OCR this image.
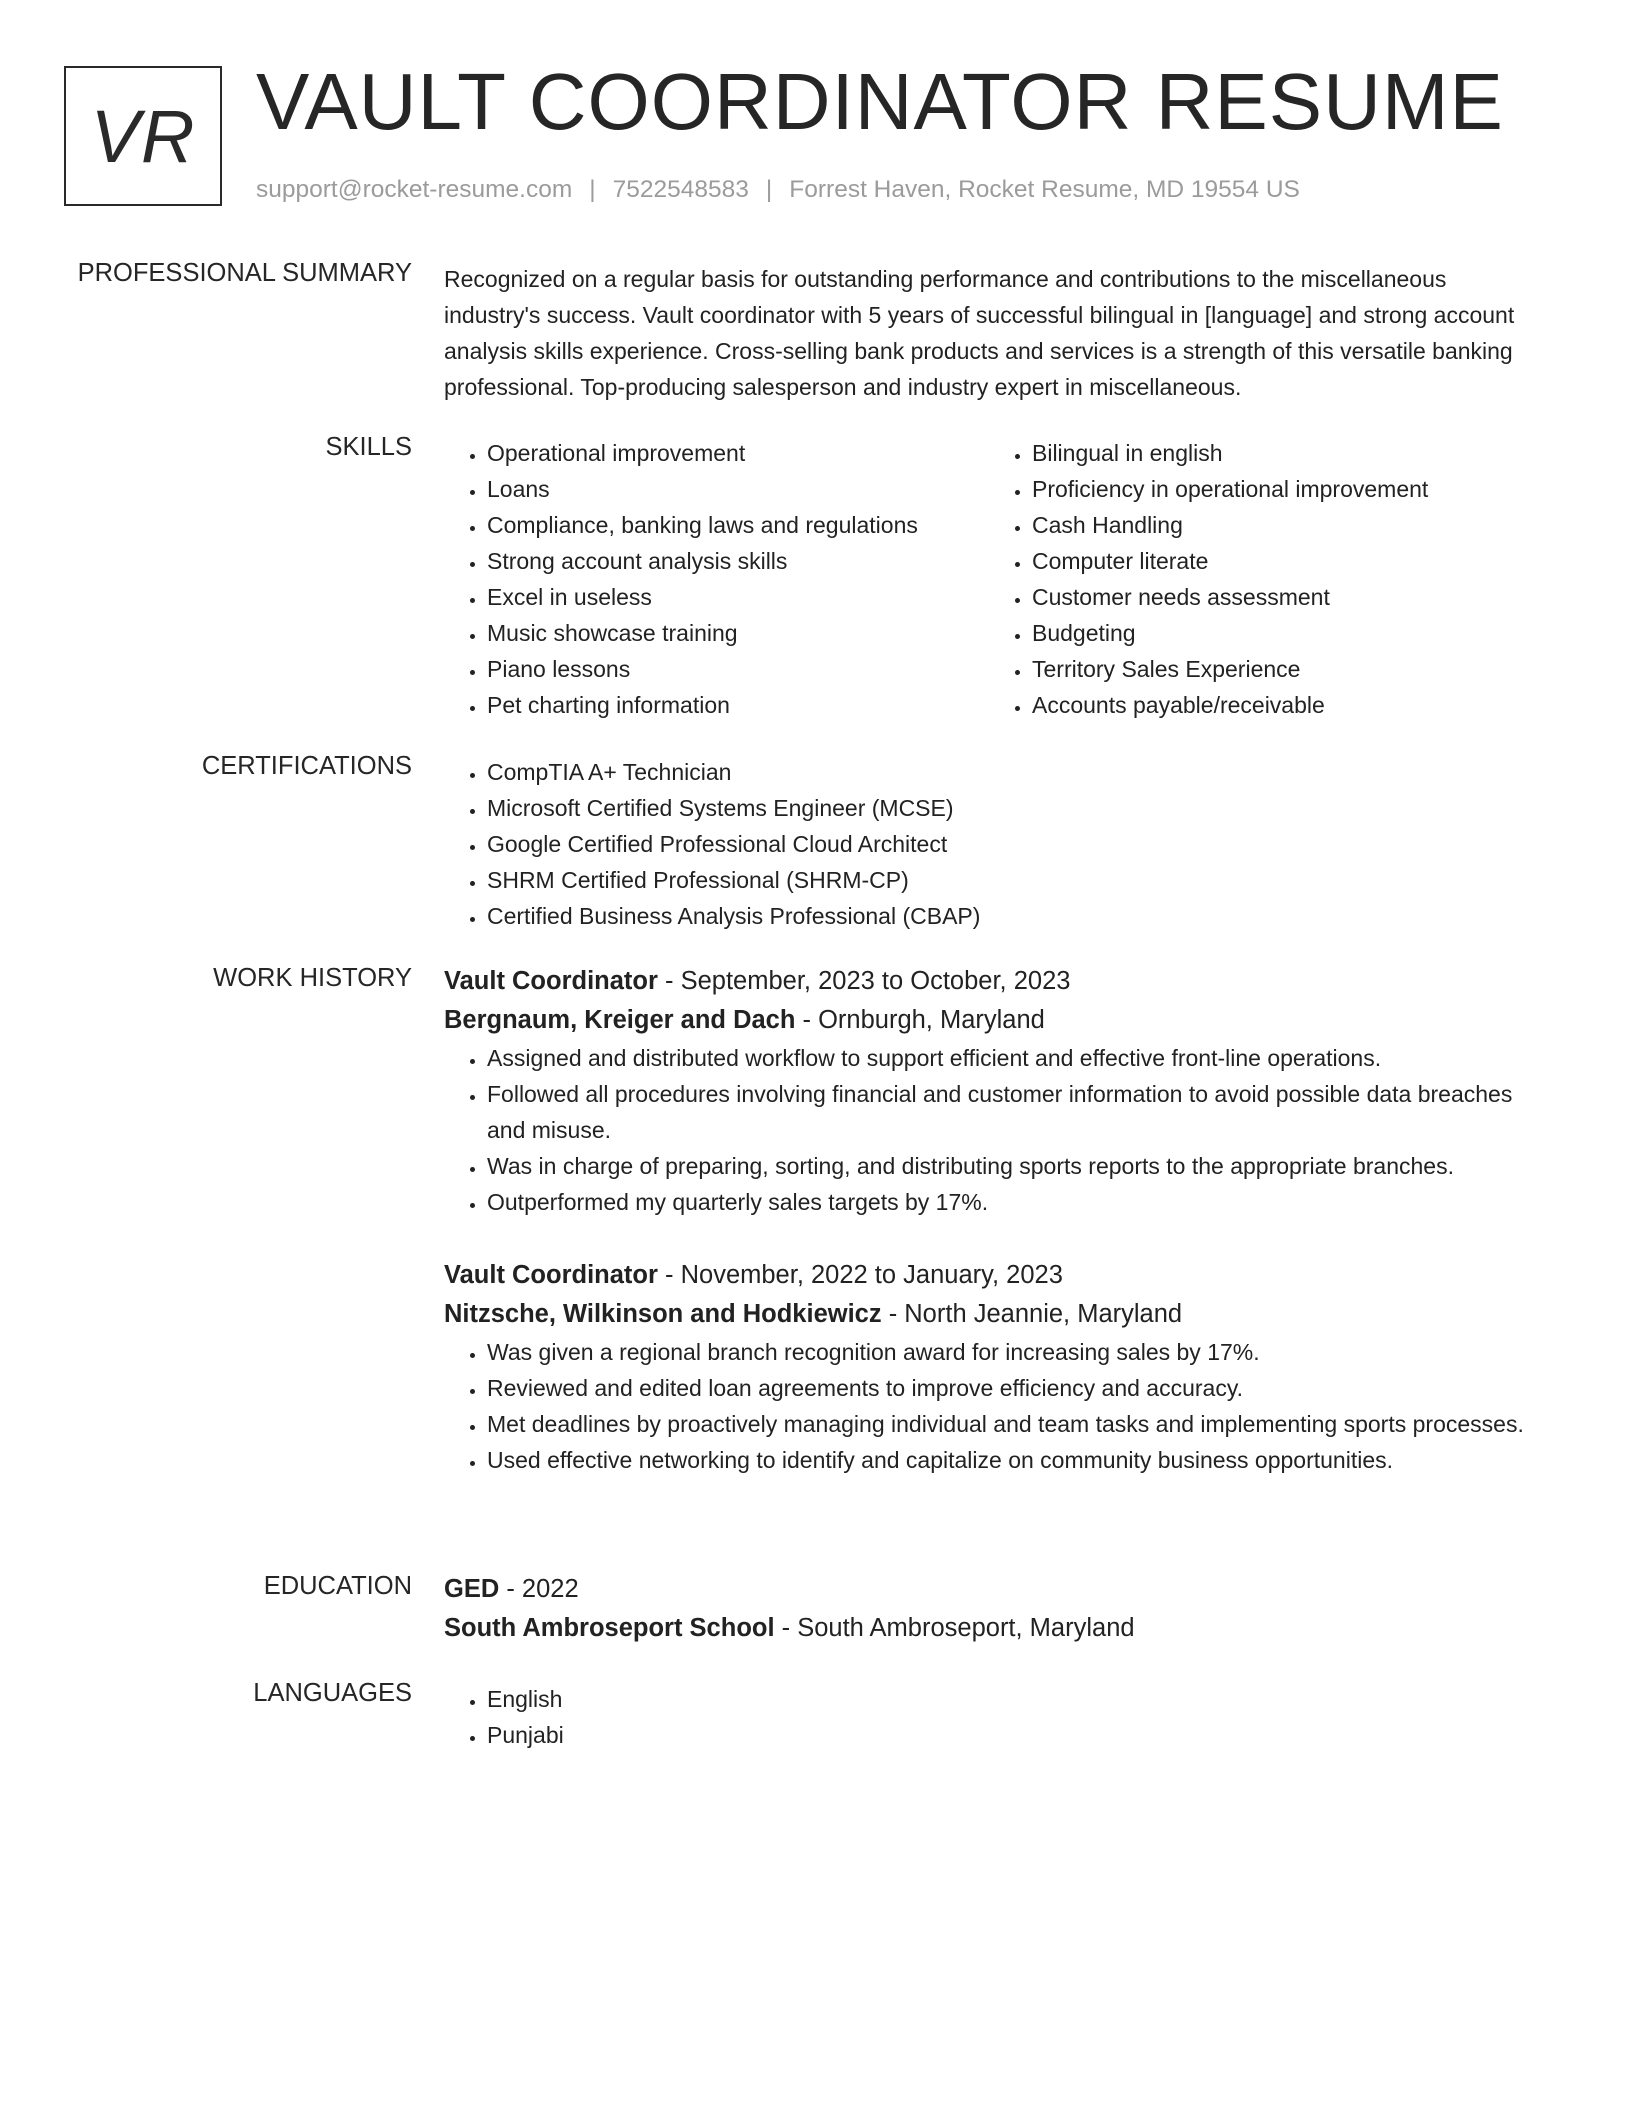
VR VAULT COORDINATOR RESUME
support@rocket-resume.com | 7522548583 | Forrest Haven, Rocket Resume, MD 19554 US
PROFESSIONAL SUMMARY Recognized on a regular basis for outstanding performance and contributions to the miscellaneous industry's success. Vault coordinator with 5 years of successful bilingual in [language] and strong account analysis skills experience. Cross-selling bank products and services is a strength of this versatile banking professional. Top-producing salesperson and industry expert in miscellaneous.

SKILLS	• Operational improvement
• Loans
• Compliance, banking laws and regulations
• Strong account analysis skills
• Excel in useless
• Music showcase training
• Piano lessons
• Pet charting information
• Bilingual in english
• Proficiency in operational improvement
• Cash Handling
• Computer literate
• Customer needs assessment
• Budgeting
• Territory Sales Experience
• Accounts payable/receivable
CERTIFICATIONS	• CompTIA A+ Technician
• Microsoft Certified Systems Engineer (MCSE)
• Google Certified Professional Cloud Architect
• SHRM Certified Professional (SHRM-CP)
• Certified Business Analysis Professional (CBAP)
WORK HISTORY Vault Coordinator - September, 2023 to October, 2023
Bergnaum, Kreiger and Dach - Ornburgh, Maryland
• Assigned and distributed workflow to support efficient and effective front-line operations.
• Followed all procedures involving financial and customer information to avoid possible data breaches and misuse.
• Was in charge of preparing, sorting, and distributing sports reports to the appropriate branches.
• Outperformed my quarterly sales targets by 17%.
Vault Coordinator - November, 2022 to January, 2023
Nitzsche, Wilkinson and Hodkiewicz - North Jeannie, Maryland
• Was given a regional branch recognition award for increasing sales by 17%.
• Reviewed and edited loan agreements to improve efficiency and accuracy.
• Met deadlines by proactively managing individual and team tasks and implementing sports processes.
• Used effective networking to identify and capitalize on community business opportunities.
EDUCATION GED - 2022
South Ambroseport School - South Ambroseport, Maryland
LANGUAGES	• English
• Punjabi
